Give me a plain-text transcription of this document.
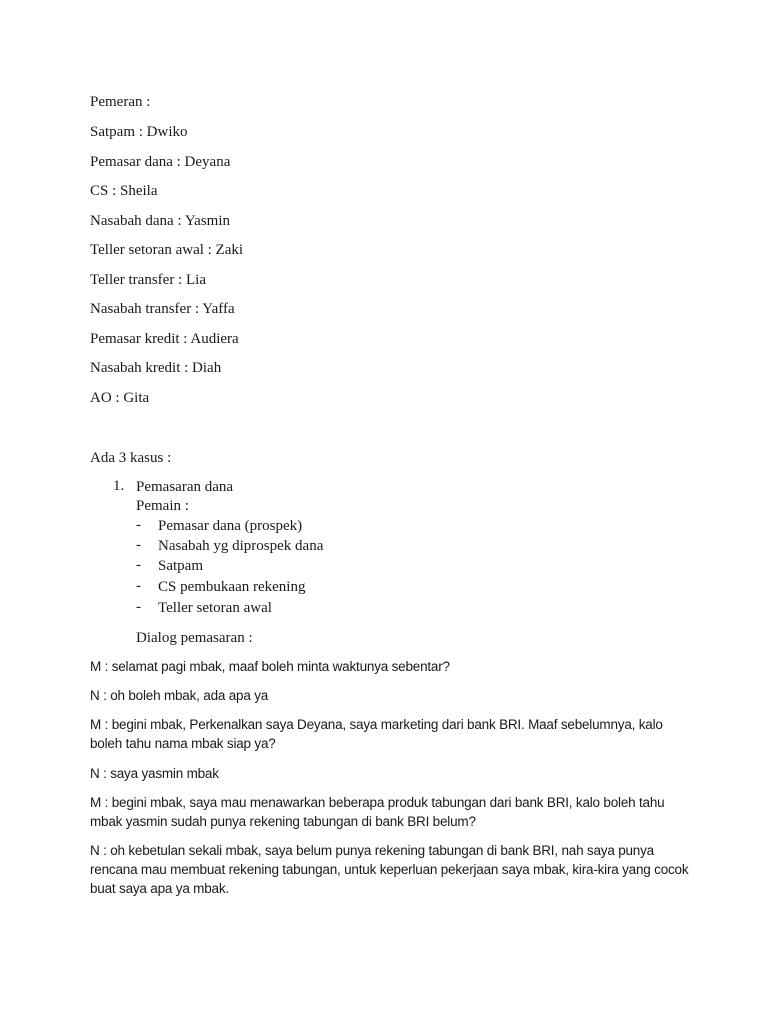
Pemeran :
Satpam : Dwiko
Pemasar dana : Deyana
CS : Sheila
Nasabah dana : Yasmin
Teller setoran awal : Zaki
Teller transfer : Lia
Nasabah transfer : Yaffa
Pemasar kredit : Audiera
Nasabah kredit : Diah
AO : Gita
Ada 3 kasus :
1. Pemasaran dana
Pemain :
- Pemasar dana (prospek)
- Nasabah yg diprospek dana
- Satpam
- CS pembukaan rekening
- Teller setoran awal
Dialog pemasaran :
M : selamat pagi mbak, maaf boleh minta waktunya sebentar?
N : oh boleh mbak, ada apa ya
M : begini mbak, Perkenalkan saya Deyana, saya marketing dari bank BRI. Maaf sebelumnya, kalo boleh tahu nama mbak siap ya?
N : saya yasmin mbak
M : begini mbak, saya mau menawarkan beberapa produk tabungan dari bank BRI, kalo boleh tahu mbak yasmin sudah punya rekening tabungan di bank BRI belum?
N : oh kebetulan sekali mbak, saya belum punya rekening tabungan di bank BRI, nah saya punya rencana mau membuat rekening tabungan, untuk keperluan pekerjaan saya mbak, kira-kira yang cocok buat saya apa ya mbak.
